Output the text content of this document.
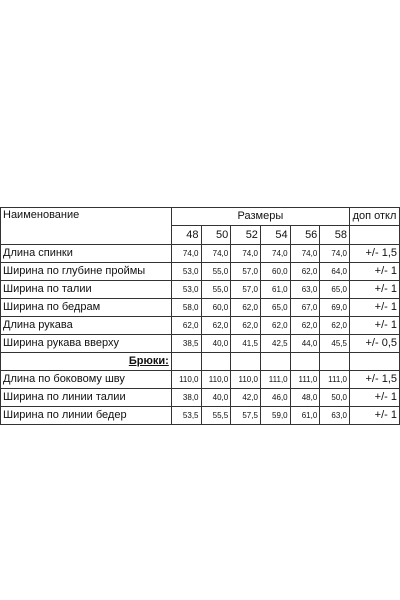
Наименование	Размеры						доп откл
	48	50	52	54	56	58	
Длина спинки	74,0	74,0	74,0	74,0	74,0	74,0	+/- 1,5
Ширина по глубине проймы	53,0	55,0	57,0	60,0	62,0	64,0	+/- 1
Ширина по талии	53,0	55,0	57,0	61,0	63,0	65,0	+/- 1
Ширина по бедрам	58,0	60,0	62,0	65,0	67,0	69,0	+/- 1
Длина рукава	62,0	62,0	62,0	62,0	62,0	62,0	+/- 1
Ширина рукава вверху	38,5	40,0	41,5	42,5	44,0	45,5	+/- 0,5
Брюки:							
Длина по боковому шву	110,0	110,0	110,0	111,0	111,0	111,0	+/- 1,5
Ширина по линии талии	38,0	40,0	42,0	46,0	48,0	50,0	+/- 1
Ширина по линии бедер	53,5	55,5	57,5	59,0	61,0	63,0	+/- 1
